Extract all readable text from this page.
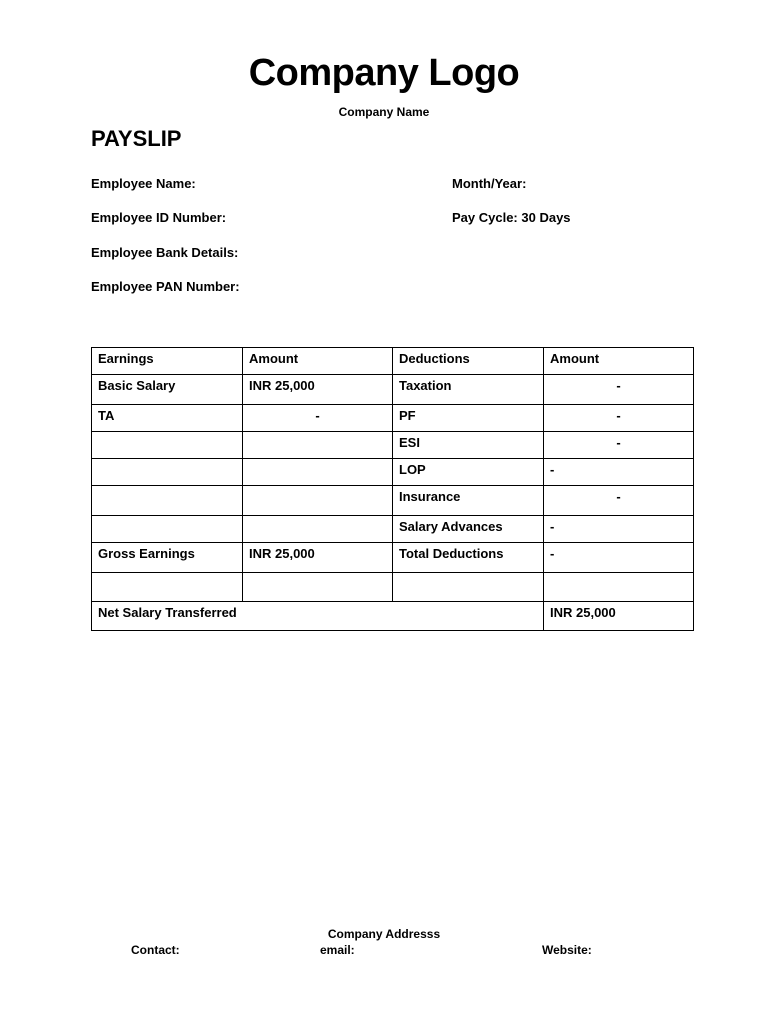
Company Logo
Company Name
PAYSLIP
Employee Name:
Employee ID Number:
Employee Bank Details:
Employee PAN Number:
Month/Year:
Pay Cycle: 30 Days
Earnings	Amount	Deductions	Amount
Basic Salary	INR 25,000	Taxation	-
TA	-	PF	-
		ESI	-
		LOP	-
		Insurance	-
		Salary Advances	-
Gross Earnings	INR 25,000	Total Deductions	-

Net Salary Transferred			INR 25,000
Company Addresss
Contact:	email:	Website:
